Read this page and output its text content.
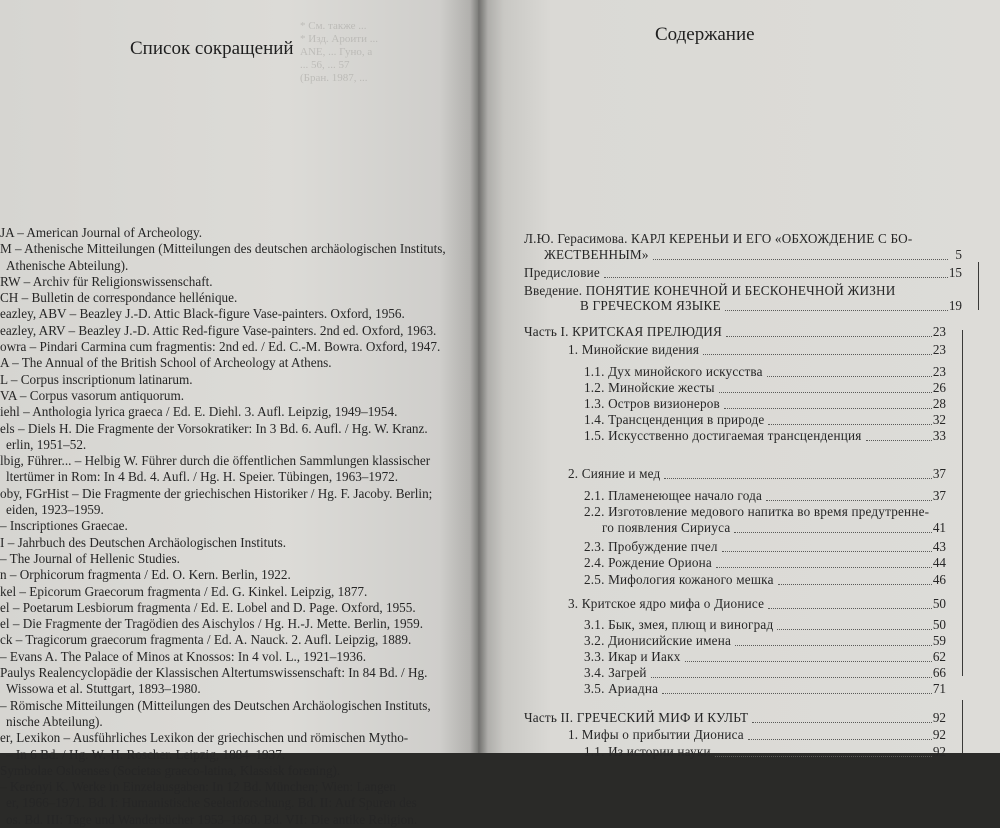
* См. также ...
* Изд. Ароити ...
ANE, ... Гуно, а
... 56, ... 57
(Бран. 1987, ...
JA – American Journal of Archeology.
M – Athenische Mitteilungen (Mitteilungen des deutschen archäologischen Instituts,
Athenische Abteilung).
RW – Archiv für Religionswissenschaft.
CH – Bulletin de correspondance hellénique.
eazley, ABV – Beazley J.-D. Attic Black-figure Vase-painters. Oxford, 1956.
eazley, ARV – Beazley J.-D. Attic Red-figure Vase-painters. 2nd ed. Oxford, 1963.
owra – Pindari Carmina cum fragmentis: 2nd ed. / Ed. C.-M. Bowra. Oxford, 1947.
A – The Annual of the British School of Archeology at Athens.
L – Corpus inscriptionum latinarum.
VA – Corpus vasorum antiquorum.
iehl – Anthologia lyrica graeca / Ed. E. Diehl. 3. Aufl. Leipzig, 1949–1954.
els – Diels H. Die Fragmente der Vorsokratiker: In 3 Bd. 6. Aufl. / Hg. W. Kranz.
erlin, 1951–52.
lbig, Führer... – Helbig W. Führer durch die öffentlichen Sammlungen klassischer
ltertümer in Rom: In 4 Bd. 4. Aufl. / Hg. H. Speier. Tübingen, 1963–1972.
oby, FGrHist – Die Fragmente der griechischen Historiker / Hg. F. Jacoby. Berlin;
eiden, 1923–1959.
– Inscriptiones Graecae.
I – Jahrbuch des Deutschen Archäologischen Instituts.
– The Journal of Hellenic Studies.
n – Orphicorum fragmenta / Ed. O. Kern. Berlin, 1922.
kel – Epicorum Graecorum fragmenta / Ed. G. Kinkel. Leipzig, 1877.
el – Poetarum Lesbiorum fragmenta / Ed. E. Lobel and D. Page. Oxford, 1955.
el – Die Fragmente der Tragödien des Aischylos / Hg. H.-J. Mette. Berlin, 1959.
ck – Tragicorum graecorum fragmenta / Ed. A. Nauck. 2. Aufl. Leipzig, 1889.
– Evans A. The Palace of Minos at Knossos: In 4 vol. L., 1921–1936.
Paulys Realencyclopädie der Klassischen Altertumswissenschaft: In 84 Bd. / Hg.
Wissowa et al. Stuttgart, 1893–1980.
– Römische Mitteilungen (Mitteilungen des Deutschen Archäologischen Instituts,
nische Abteilung).
er, Lexikon – Ausführliches Lexikon der griechischen und römischen Mytho-
– In 6 Bd. / Hg. W.-H. Roscher. Leipzig, 1884–1937.
Symbolae Osloenses (Societas graeco-latina, Klassisk forening).
– Kerényi K. Werke in Einzelausgaben: In 12 Bd. München; Wien: Langen
er, 1966–1971. Bd. I: Humanistische Seelenforschung. Bd. II: Auf Spuren des
os. Bd. III: Tage und Wanderbücher 1953–1960. Bd. VII: Die antike Religion.
Список сокращений
Содержание
Л.Ю. Герасимова. КАРЛ КЕРЕНЬИ И ЕГО «ОБХОЖДЕНИЕ С БО-
ЖЕСТВЕННЫМ»	5
Предисловие	15
Введение. ПОНЯТИЕ КОНЕЧНОЙ И БЕСКОНЕЧНОЙ ЖИЗНИ
В ГРЕЧЕСКОМ ЯЗЫКЕ	19
Часть I. КРИТСКАЯ ПРЕЛЮДИЯ	23
1. Минойские видения	23
1.1. Дух минойского искусства	23
1.2. Минойские жесты	26
1.3. Остров визионеров	28
1.4. Трансценденция в природе	32
1.5. Искусственно достигаемая трансценденция	33
2. Сияние и мед	37
2.1. Пламенеющее начало года	37
2.2. Изготовление медового напитка во время предутренне-
го появления Сириуса	41
2.3. Пробуждение пчел	43
2.4. Рождение Ориона	44
2.5. Мифология кожаного мешка	46
3. Критское ядро мифа о Дионисе	50
3.1. Бык, змея, плющ и виноград	50
3.2. Дионисийские имена	59
3.3. Икар и Иакх	62
3.4. Загрей	66
3.5. Ариадна	71
Часть II. ГРЕЧЕСКИЙ МИФ И КУЛЬТ	92
1. Мифы о прибытии Диониса	92
1.1. Из истории науки	92
